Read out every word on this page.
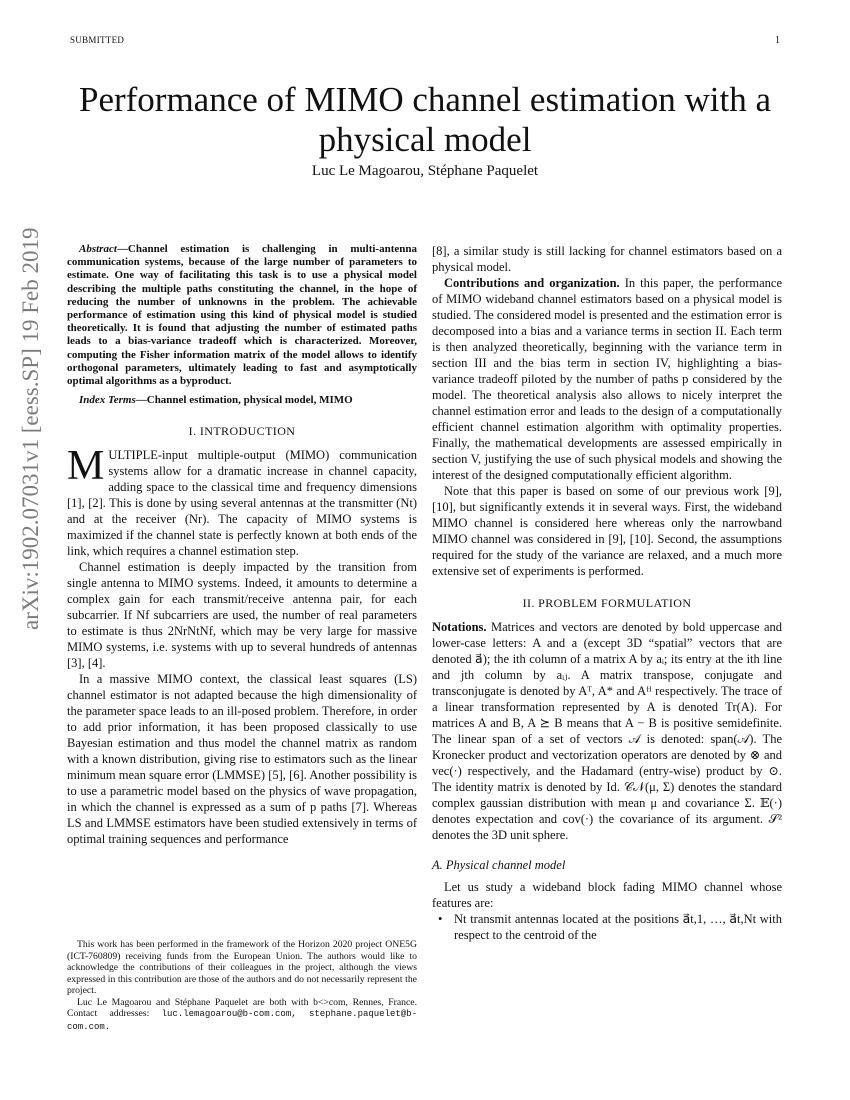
SUBMITTED	1
arXiv:1902.07031v1 [eess.SP] 19 Feb 2019
Performance of MIMO channel estimation with a physical model
Luc Le Magoarou, Stéphane Paquelet

Abstract—Channel estimation is challenging in multi-antenna communication systems, because of the large number of parameters to estimate. One way of facilitating this task is to use a physical model describing the multiple paths constituting the channel, in the hope of reducing the number of unknowns in the problem. The achievable performance of estimation using this kind of physical model is studied theoretically. It is found that adjusting the number of estimated paths leads to a bias-variance tradeoff which is characterized. Moreover, computing the Fisher information matrix of the model allows to identify orthogonal parameters, ultimately leading to fast and asymptotically optimal algorithms as a byproduct.

Index Terms—Channel estimation, physical model, MIMO

I. INTRODUCTION

MULTIPLE-input multiple-output (MIMO) communication systems allow for a dramatic increase in channel capacity, adding space to the classical time and frequency dimensions [1], [2]. This is done by using several antennas at the transmitter (Nt) and at the receiver (Nr). The capacity of MIMO systems is maximized if the channel state is perfectly known at both ends of the link, which requires a channel estimation step.

Channel estimation is deeply impacted by the transition from single antenna to MIMO systems. Indeed, it amounts to determine a complex gain for each transmit/receive antenna pair, for each subcarrier. If Nf subcarriers are used, the number of real parameters to estimate is thus 2NrNtNf, which may be very large for massive MIMO systems, i.e. systems with up to several hundreds of antennas [3], [4].

In a massive MIMO context, the classical least squares (LS) channel estimator is not adapted because the high dimensionality of the parameter space leads to an ill-posed problem. Therefore, in order to add prior information, it has been proposed classically to use Bayesian estimation and thus model the channel matrix as random with a known distribution, giving rise to estimators such as the linear minimum mean square error (LMMSE) [5], [6]. Another possibility is to use a parametric model based on the physics of wave propagation, in which the channel is expressed as a sum of p paths [7]. Whereas LS and LMMSE estimators have been studied extensively in terms of optimal training sequences and performance

This work has been performed in the framework of the Horizon 2020 project ONE5G (ICT-760809) receiving funds from the European Union. The authors would like to acknowledge the contributions of their colleagues in the project, although the views expressed in this contribution are those of the authors and do not necessarily represent the project.

Luc Le Magoarou and Stéphane Paquelet are both with b<>com, Rennes, France. Contact addresses: luc.lemagoarou@b-com.com, stephane.paquelet@b-com.com.

[8], a similar study is still lacking for channel estimators based on a physical model.

Contributions and organization. In this paper, the performance of MIMO wideband channel estimators based on a physical model is studied. The considered model is presented and the estimation error is decomposed into a bias and a variance terms in section II. Each term is then analyzed theoretically, beginning with the variance term in section III and the bias term in section IV, highlighting a bias-variance tradeoff piloted by the number of paths p considered by the model. The theoretical analysis also allows to nicely interpret the channel estimation error and leads to the design of a computationally efficient channel estimation algorithm with optimality properties. Finally, the mathematical developments are assessed empirically in section V, justifying the use of such physical models and showing the interest of the designed computationally efficient algorithm.

Note that this paper is based on some of our previous work [9], [10], but significantly extends it in several ways. First, the wideband MIMO channel is considered here whereas only the narrowband MIMO channel was considered in [9], [10]. Second, the assumptions required for the study of the variance are relaxed, and a much more extensive set of experiments is performed.

II. PROBLEM FORMULATION

Notations. Matrices and vectors are denoted by bold uppercase and lower-case letters: A and a (except 3D “spatial” vectors that are denoted a⃗); the ith column of a matrix A by aᵢ; its entry at the ith line and jth column by aᵢⱼ. A matrix transpose, conjugate and transconjugate is denoted by Aᵀ, A* and Aᴴ respectively. The trace of a linear transformation represented by A is denoted Tr(A). For matrices A and B, A ⪰ B means that A − B is positive semidefinite. The linear span of a set of vectors 𝒜 is denoted: span(𝒜). The Kronecker product and vectorization operators are denoted by ⊗ and vec(·) respectively, and the Hadamard (entry-wise) product by ⊙. The identity matrix is denoted by Id. 𝒞𝒩(μ, Σ) denotes the standard complex gaussian distribution with mean μ and covariance Σ. 𝔼(·) denotes expectation and cov(·) the covariance of its argument. 𝒮² denotes the 3D unit sphere.

A. Physical channel model

Let us study a wideband block fading MIMO channel whose features are:

• Nt transmit antennas located at the positions a⃗t,1, …, a⃗t,Nt with respect to the centroid of the
